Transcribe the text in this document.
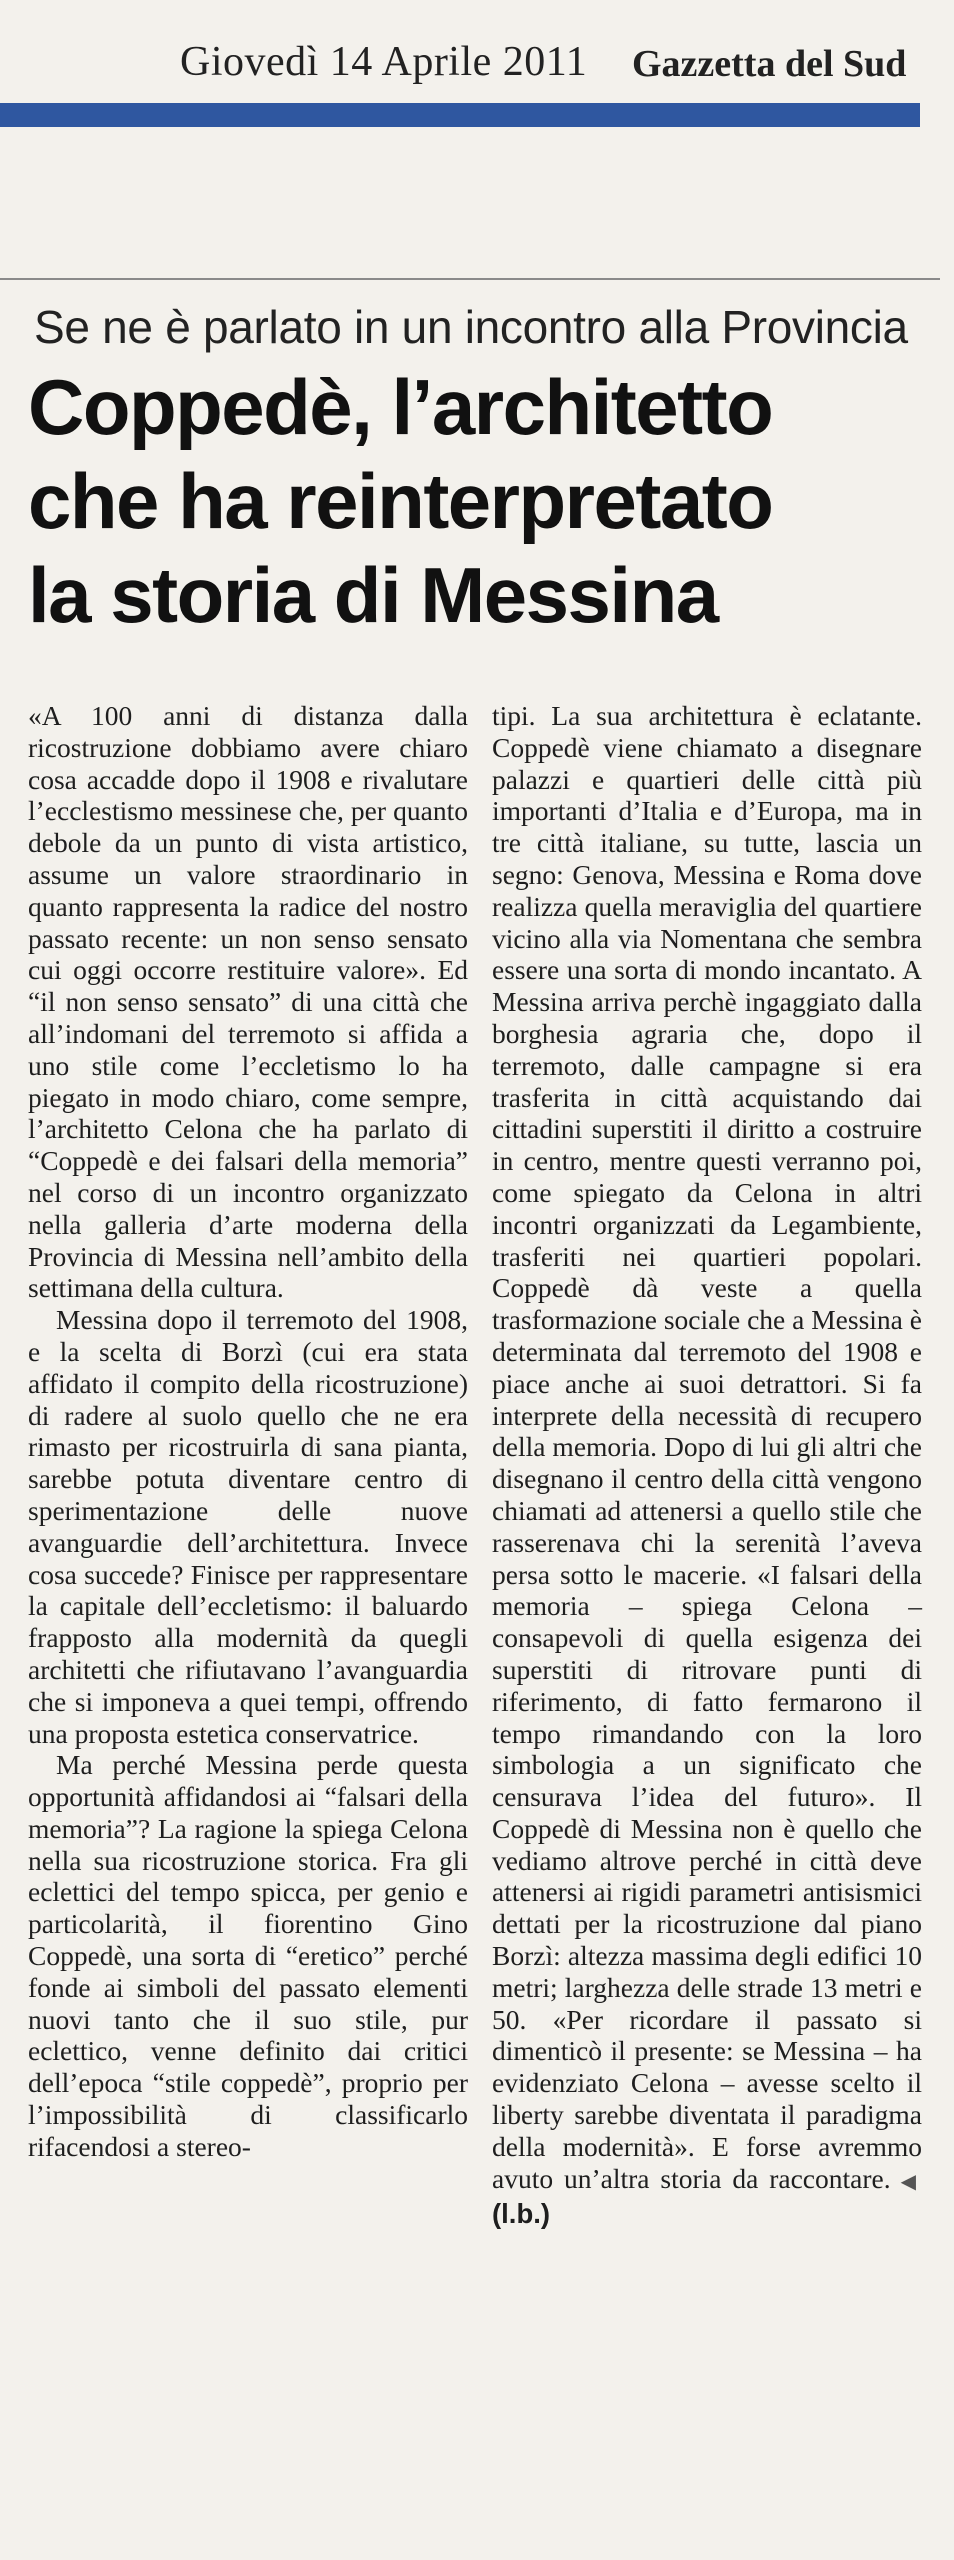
Giovedì 14 Aprile 2011 Gazzetta del Sud
Se ne è parlato in un incontro alla Provincia
Coppedè, l’architetto
che ha reinterpretato
la storia di Messina

«A 100 anni di distanza dalla ricostruzione dobbiamo avere chiaro cosa accadde dopo il 1908 e rivalutare l’ecclestismo messinese che, per quanto debole da un punto di vista artistico, assume un valore straordinario in quanto rappresenta la radice del nostro passato recente: un non senso sensato cui oggi occorre restituire valore». Ed “il non senso sensato” di una città che all’indomani del terremoto si affida a uno stile come l’eccletismo lo ha piegato in modo chiaro, come sempre, l’architetto Celona che ha parlato di “Coppedè e dei falsari della memoria” nel corso di un incontro organizzato nella galleria d’arte moderna della Provincia di Messina nell’ambito della settimana della cultura.

Messina dopo il terremoto del 1908, e la scelta di Borzì (cui era stata affidato il compito della ricostruzione) di radere al suolo quello che ne era rimasto per ricostruirla di sana pianta, sarebbe potuta diventare centro di sperimentazione delle nuove avanguardie dell’architettura. Invece cosa succede? Finisce per rappresentare la capitale dell’eccletismo: il baluardo frapposto alla modernità da quegli architetti che rifiutavano l’avanguardia che si imponeva a quei tempi, offrendo una proposta estetica conservatrice.

Ma perché Messina perde questa opportunità affidandosi ai “falsari della memoria”? La ragione la spiega Celona nella sua ricostruzione storica. Fra gli eclettici del tempo spicca, per genio e particolarità, il fiorentino Gino Coppedè, una sorta di “eretico” perché fonde ai simboli del passato elementi nuovi tanto che il suo stile, pur eclettico, venne definito dai critici dell’epoca “stile coppedè”, proprio per l’impossibilità di classificarlo rifacendosi a stereo-

tipi. La sua architettura è eclatante. Coppedè viene chiamato a disegnare palazzi e quartieri delle città più importanti d’Italia e d’Europa, ma in tre città italiane, su tutte, lascia un segno: Genova, Messina e Roma dove realizza quella meraviglia del quartiere vicino alla via Nomentana che sembra essere una sorta di mondo incantato. A Messina arriva perchè ingaggiato dalla borghesia agraria che, dopo il terremoto, dalle campagne si era trasferita in città acquistando dai cittadini superstiti il diritto a costruire in centro, mentre questi verranno poi, come spiegato da Celona in altri incontri organizzati da Legambiente, trasferiti nei quartieri popolari. Coppedè dà veste a quella trasformazione sociale che a Messina è determinata dal terremoto del 1908 e piace anche ai suoi detrattori. Si fa interprete della necessità di recupero della memoria. Dopo di lui gli altri che disegnano il centro della città vengono chiamati ad attenersi a quello stile che rasserenava chi la serenità l’aveva persa sotto le macerie. «I falsari della memoria – spiega Celona – consapevoli di quella esigenza dei superstiti di ritrovare punti di riferimento, di fatto fermarono il tempo rimandando con la loro simbologia a un significato che censurava l’idea del futuro». Il Coppedè di Messina non è quello che vediamo altrove perché in città deve attenersi ai rigidi parametri antisismici dettati per la ricostruzione dal piano Borzì: altezza massima degli edifici 10 metri; larghezza delle strade 13 metri e 50. «Per ricordare il passato si dimenticò il presente: se Messina – ha evidenziato Celona – avesse scelto il liberty sarebbe diventata il paradigma della modernità». E forse avremmo avuto un’altra storia da raccontare. ◀(l.b.)
